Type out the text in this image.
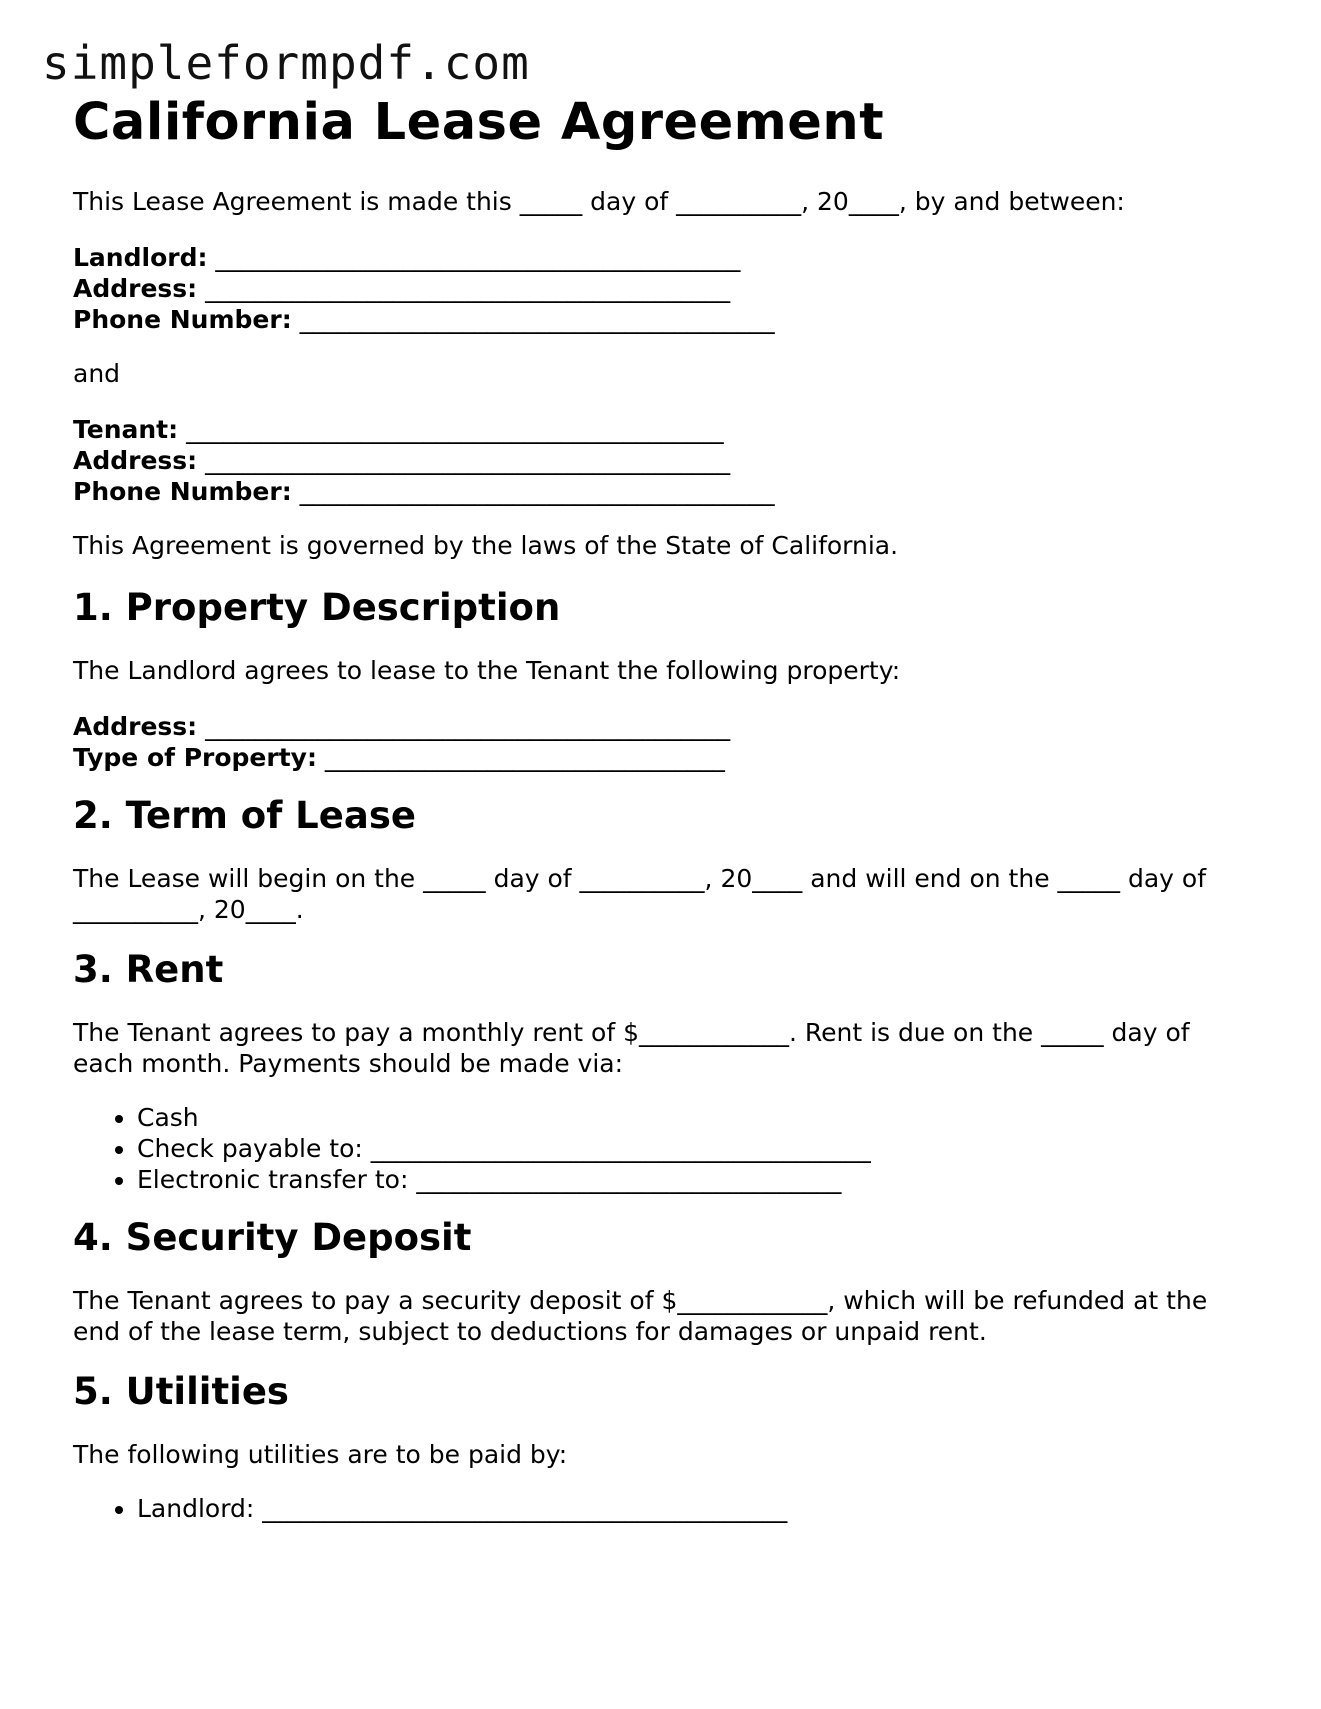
simpleformpdf.com
California Lease Agreement

This Lease Agreement is made this _____ day of __________, 20____, by and between:

Landlord: __________________________________________
Address: __________________________________________
Phone Number: ______________________________________

and

Tenant: ___________________________________________
Address: __________________________________________
Phone Number: ______________________________________

This Agreement is governed by the laws of the State of California.

1. Property Description

The Landlord agrees to lease to the Tenant the following property:

Address: __________________________________________
Type of Property: ________________________________
2. Term of Lease

The Lease will begin on the _____ day of __________, 20____ and will end on the _____ day of __________, 20____.

3. Rent

The Tenant agrees to pay a monthly rent of $____________. Rent is due on the _____ day of each month. Payments should be made via:

• Cash
• Check payable to: ________________________________________
• Electronic transfer to: __________________________________
4. Security Deposit

The Tenant agrees to pay a security deposit of $____________, which will be refunded at the end of the lease term, subject to deductions for damages or unpaid rent.

5. Utilities

The following utilities are to be paid by:

• Landlord: __________________________________________
